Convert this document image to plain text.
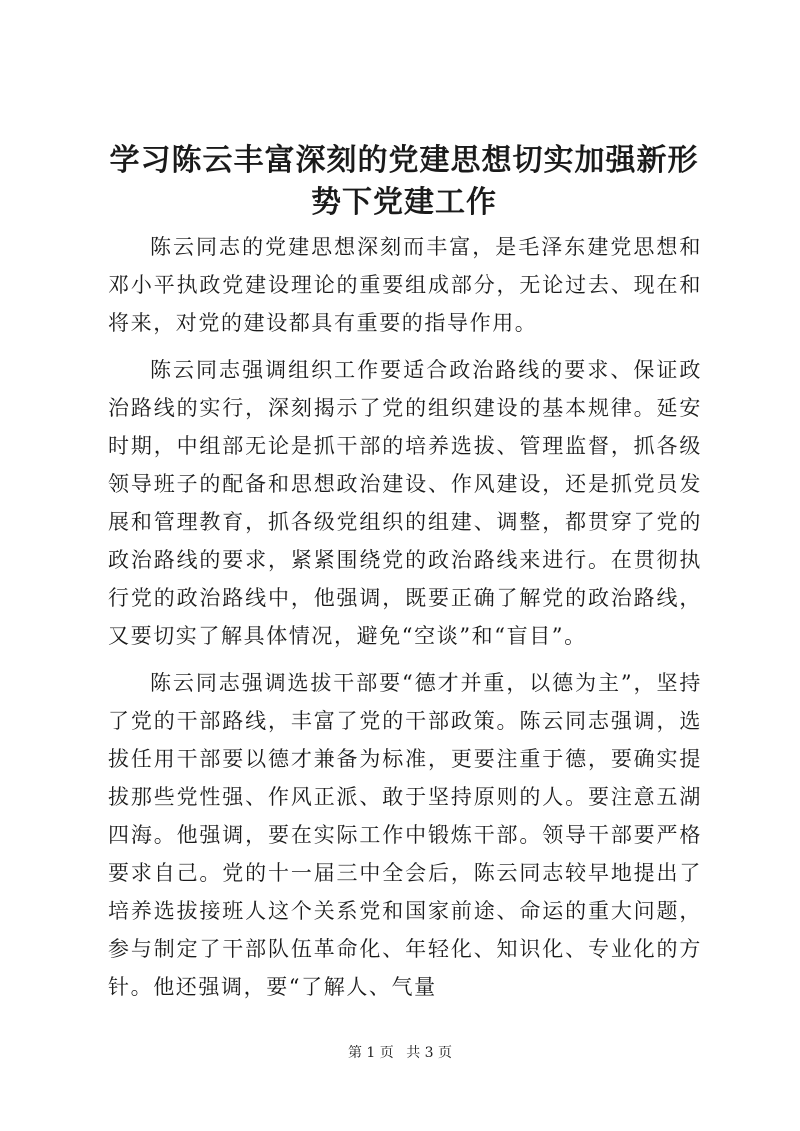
学习陈云丰富深刻的党建思想切实加强新形势下党建工作

陈云同志的党建思想深刻而丰富，是毛泽东建党思想和邓小平执政党建设理论的重要组成部分，无论过去、现在和将来，对党的建设都具有重要的指导作用。

陈云同志强调组织工作要适合政治路线的要求、保证政治路线的实行，深刻揭示了党的组织建设的基本规律。延安时期，中组部无论是抓干部的培养选拔、管理监督，抓各级领导班子的配备和思想政治建设、作风建设，还是抓党员发展和管理教育，抓各级党组织的组建、调整，都贯穿了党的政治路线的要求，紧紧围绕党的政治路线来进行。在贯彻执行党的政治路线中，他强调，既要正确了解党的政治路线，又要切实了解具体情况，避免“空谈”和“盲目”。

陈云同志强调选拔干部要“德才并重，以德为主”，坚持了党的干部路线，丰富了党的干部政策。陈云同志强调，选拔任用干部要以德才兼备为标准，更要注重于德，要确实提拔那些党性强、作风正派、敢于坚持原则的人。要注意五湖四海。他强调，要在实际工作中锻炼干部。领导干部要严格要求自己。党的十一届三中全会后，陈云同志较早地提出了培养选拔接班人这个关系党和国家前途、命运的重大问题，参与制定了干部队伍革命化、年轻化、知识化、专业化的方针。他还强调，要“了解人、气量

第 1 页 共 3 页
